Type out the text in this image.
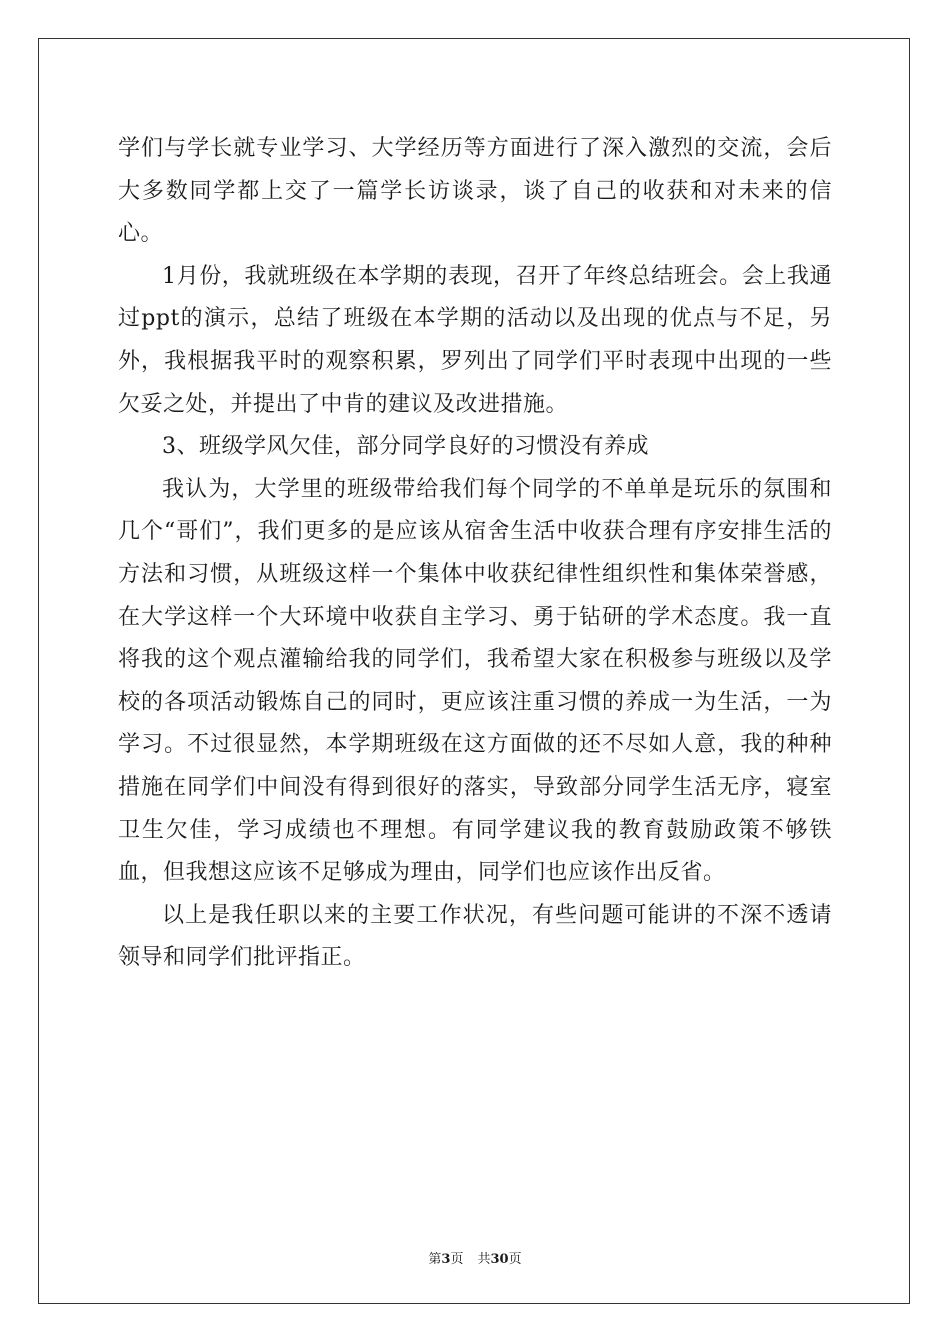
学们与学长就专业学习、大学经历等方面进行了深入激烈的交流，会后大多数同学都上交了一篇学长访谈录，谈了自己的收获和对未来的信心。

1月份，我就班级在本学期的表现，召开了年终总结班会。会上我通过ppt的演示，总结了班级在本学期的活动以及出现的优点与不足，另外，我根据我平时的观察积累，罗列出了同学们平时表现中出现的一些欠妥之处，并提出了中肯的建议及改进措施。

3、班级学风欠佳，部分同学良好的习惯没有养成

我认为，大学里的班级带给我们每个同学的不单单是玩乐的氛围和几个“哥们”，我们更多的是应该从宿舍生活中收获合理有序安排生活的方法和习惯，从班级这样一个集体中收获纪律性组织性和集体荣誉感，在大学这样一个大环境中收获自主学习、勇于钻研的学术态度。我一直将我的这个观点灌输给我的同学们，我希望大家在积极参与班级以及学校的各项活动锻炼自己的同时，更应该注重习惯的养成一为生活，一为学习。不过很显然，本学期班级在这方面做的还不尽如人意，我的种种措施在同学们中间没有得到很好的落实，导致部分同学生活无序，寝室卫生欠佳，学习成绩也不理想。有同学建议我的教育鼓励政策不够铁血，但我想这应该不足够成为理由，同学们也应该作出反省。

以上是我任职以来的主要工作状况，有些问题可能讲的不深不透请领导和同学们批评指正。

第3页 共30页
